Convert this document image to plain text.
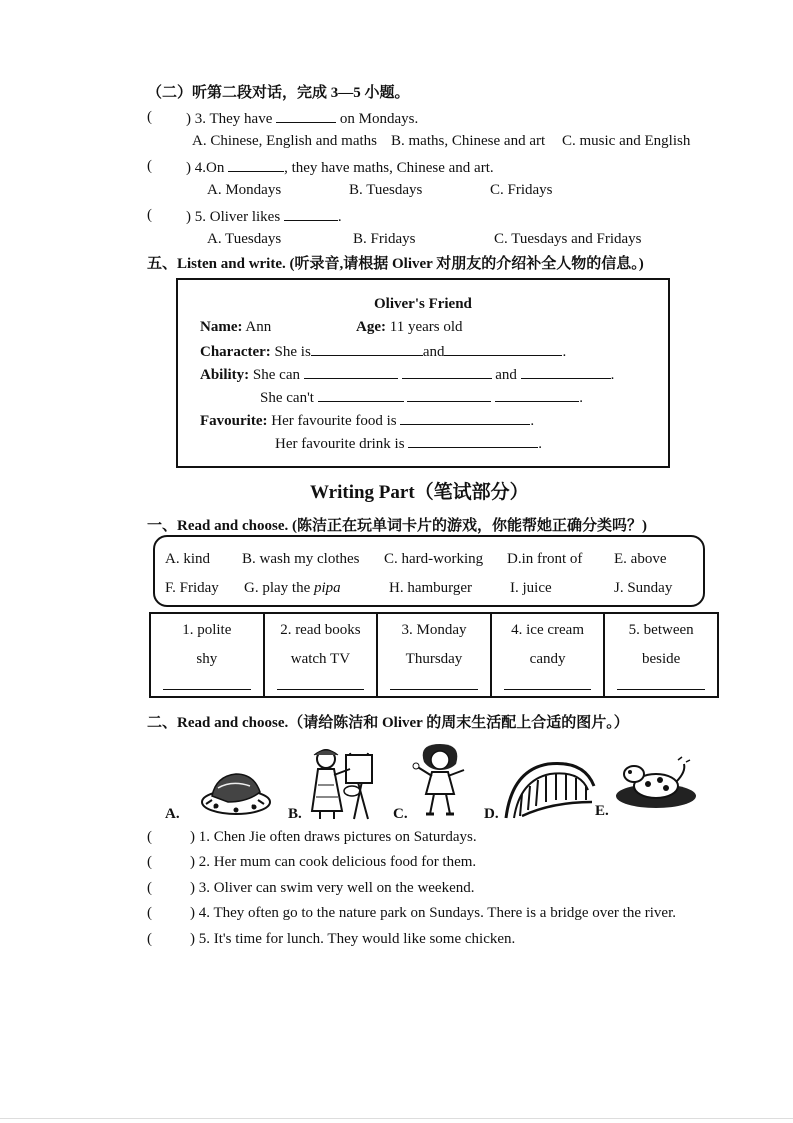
（二）听第二段对话，完成 3—5 小题。
( ) 3. They have	on Mondays.
A. Chinese, English and maths B. maths, Chinese and art C. music and English
( ) 4.On	, they have maths, Chinese and art.
A. Mondays	B. Tuesdays	C. Fridays
( ) 5. Oliver likes	.
A. Tuesdays	B. Fridays	C. Tuesdays and Fridays
五、Listen and write. (听录音,请根据 Oliver 对朋友的介绍补全人物的信息。)
Oliver's Friend
Name: Ann	Age: 11 years old
Character: She is	and	.
Ability: She can	and	.
She can't	.
Favourite: Her favourite food is	.
Her favourite drink is	.
Writing Part（笔试部分）
一、Read and choose. (陈洁正在玩单词卡片的游戏，你能帮她正确分类吗？)
A. kind B. wash my clothes C. hard-working D.in front of E. above
F. Friday G. play the pipa	H. hamburger	I. juice	J. Sunday
1. polite
shy
2. read books
watch TV
3. Monday
Thursday
4. ice cream
candy
5. between
beside
二、Read and choose.（请给陈洁和 Oliver 的周末生活配上合适的图片。）
A.	B.	C.	D.	E.
(	) 1. Chen Jie often draws pictures on Saturdays.
(	) 2. Her mum can cook delicious food for them.
(	) 3. Oliver can swim very well on the weekend.
(	) 4. They often go to the nature park on Sundays. There is a bridge over the river.
(	) 5. It's time for lunch. They would like some chicken.
